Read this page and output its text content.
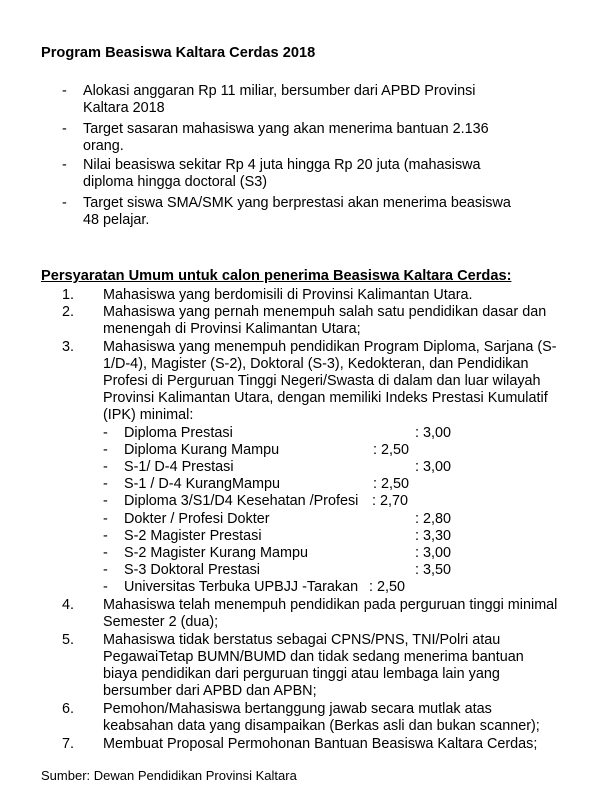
Program Beasiswa Kaltara Cerdas 2018
- Alokasi anggaran Rp 11 miliar, bersumber dari APBD Provinsi
Kaltara 2018
- Target sasaran mahasiswa yang akan menerima bantuan 2.136
orang.
- Nilai beasiswa sekitar Rp 4 juta hingga Rp 20 juta (mahasiswa
diploma hingga doctoral (S3)
- Target siswa SMA/SMK yang berprestasi akan menerima beasiswa
48 pelajar.
Persyaratan Umum untuk calon penerima Beasiswa Kaltara Cerdas:
1. Mahasiswa yang berdomisili di Provinsi Kalimantan Utara.
2. Mahasiswa yang pernah menempuh salah satu pendidikan dasar dan
menengah di Provinsi Kalimantan Utara;
3. Mahasiswa yang menempuh pendidikan Program Diploma, Sarjana (S-
1/D-4), Magister (S-2), Doktoral (S-3), Kedokteran, dan Pendidikan
Profesi di Perguruan Tinggi Negeri/Swasta di dalam dan luar wilayah
Provinsi Kalimantan Utara, dengan memiliki Indeks Prestasi Kumulatif
(IPK) minimal:
- Diploma Prestasi	: 3,00
- Diploma Kurang Mampu	: 2,50
- S-1/ D-4 Prestasi	: 3,00
- S-1 / D-4 KurangMampu	: 2,50
- Diploma 3/S1/D4 Kesehatan /Profesi : 2,70
- Dokter / Profesi Dokter	: 2,80
- S-2 Magister Prestasi	: 3,30
- S-2 Magister Kurang Mampu	: 3,00
- S-3 Doktoral Prestasi	: 3,50
- Universitas Terbuka UPBJJ -Tarakan : 2,50
4. Mahasiswa telah menempuh pendidikan pada perguruan tinggi minimal
Semester 2 (dua);
5. Mahasiswa tidak berstatus sebagai CPNS/PNS, TNI/Polri atau
PegawaiTetap BUMN/BUMD dan tidak sedang menerima bantuan
biaya pendidikan dari perguruan tinggi atau lembaga lain yang
bersumber dari APBD dan APBN;
6. Pemohon/Mahasiswa bertanggung jawab secara mutlak atas
keabsahan data yang disampaikan (Berkas asli dan bukan scanner);
7. Membuat Proposal Permohonan Bantuan Beasiswa Kaltara Cerdas;
Sumber: Dewan Pendidikan Provinsi Kaltara
